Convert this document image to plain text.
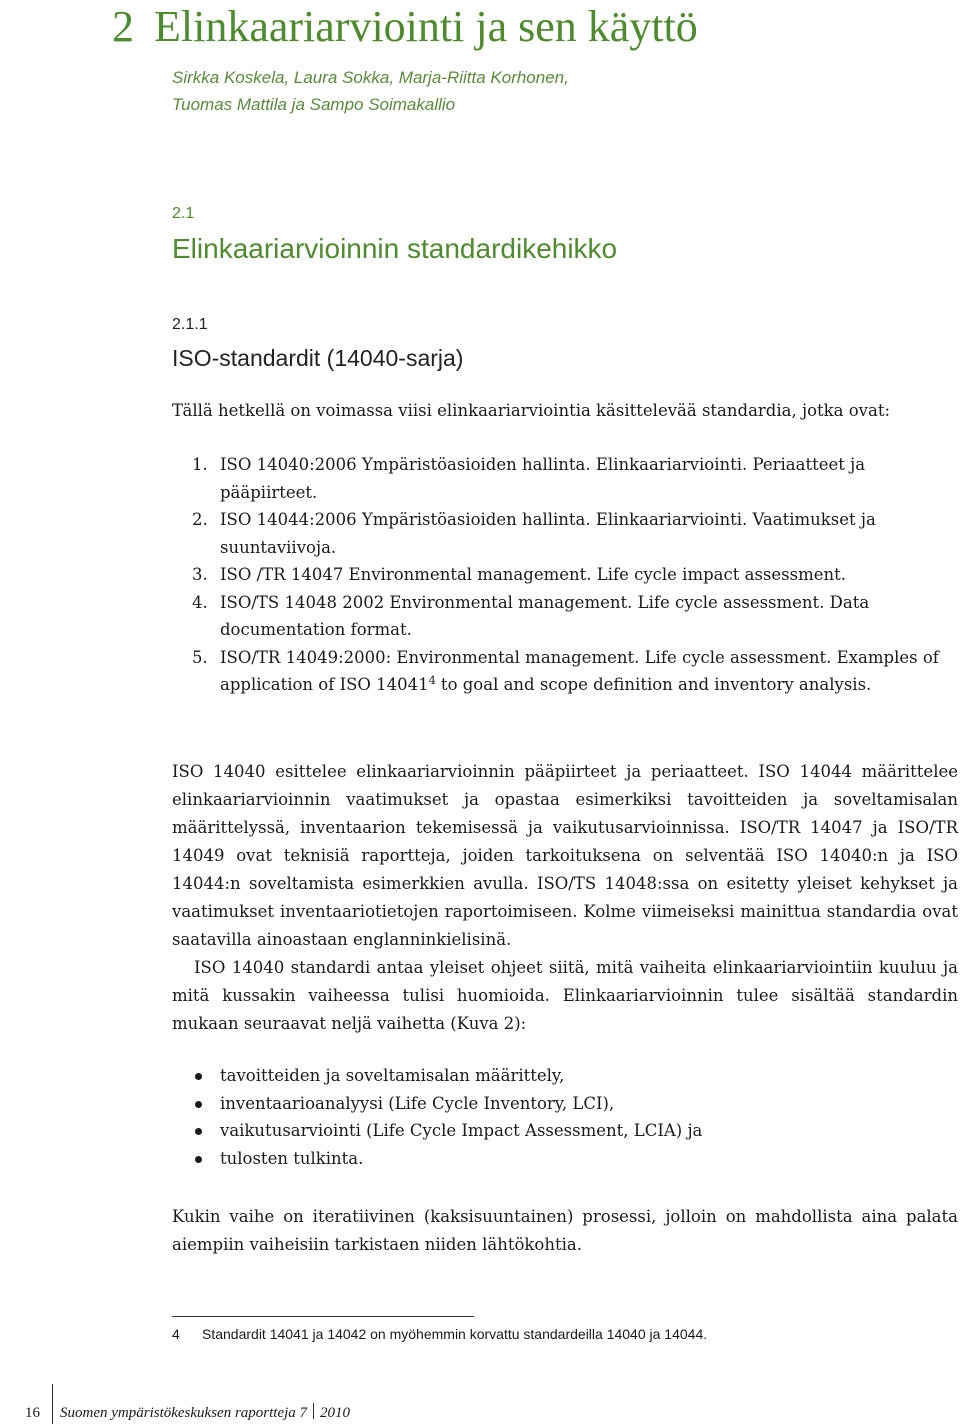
2 Elinkaariarviointi ja sen käyttö
Sirkka Koskela, Laura Sokka, Marja-Riitta Korhonen,
Tuomas Mattila ja Sampo Soimakallio
2.1
Elinkaariarvioinnin standardikehikko
2.1.1
ISO-standardit (14040-sarja)
Tällä hetkellä on voimassa viisi elinkaariarviointia käsittelevää standardia, jotka ovat:
1. ISO 14040:2006 Ympäristöasioiden hallinta. Elinkaariarviointi. Periaatteet ja pääpiirteet.
2. ISO 14044:2006 Ympäristöasioiden hallinta. Elinkaariarviointi. Vaatimukset ja suuntaviivoja.
3. ISO /TR 14047 Environmental management. Life cycle impact assessment.
4. ISO/TS 14048 2002 Environmental management. Life cycle assessment. Data documentation format.
5. ISO/TR 14049:2000: Environmental management. Life cycle assessment. Examples of application of ISO 14041$^4$ to goal and scope definition and inventory analysis.

ISO 14040 esittelee elinkaariarvioinnin pääpiirteet ja periaatteet. ISO 14044 määrittelee elinkaariarvioinnin vaatimukset ja opastaa esimerkiksi tavoitteiden ja soveltamisalan määrittelyssä, inventaarion tekemisessä ja vaikutusarvioinnissa. ISO/TR 14047 ja ISO/TR 14049 ovat teknisiä raportteja, joiden tarkoituksena on selventää ISO 14040:n ja ISO 14044:n soveltamista esimerkkien avulla. ISO/TS 14048:ssa on esitetty yleiset kehykset ja vaatimukset inventaariotietojen raportoimiseen. Kolme viimeiseksi mainittua standardia ovat saatavilla ainoastaan englanninkielisinä.

ISO 14040 standardi antaa yleiset ohjeet siitä, mitä vaiheita elinkaariarviointiin kuuluu ja mitä kussakin vaiheessa tulisi huomioida. Elinkaariarvioinnin tulee sisältää standardin mukaan seuraavat neljä vaihetta (Kuva 2):

tavoitteiden ja soveltamisalan määrittely,
inventaarioanalyysi (Life Cycle Inventory, LCI),
vaikutusarviointi (Life Cycle Impact Assessment, LCIA) ja
tulosten tulkinta.
Kukin vaihe on iteratiivinen (kaksisuuntainen) prosessi, jolloin on mahdollista aina palata aiempiin vaiheisiin tarkistaen niiden lähtökohtia.
4 Standardit 14041 ja 14042 on myöhemmin korvattu standardeilla 14040 ja 14044.
16 Suomen ympäristökeskuksen raportteja 7 2010
